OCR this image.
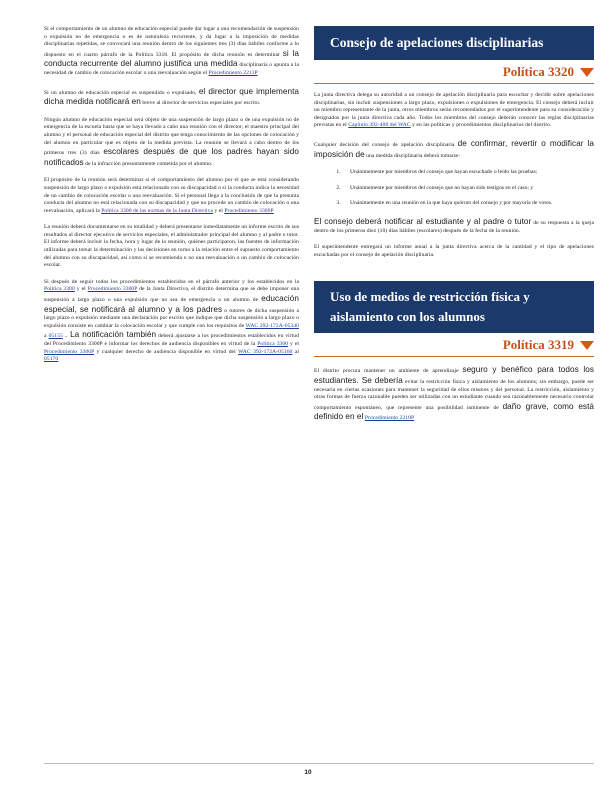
Si el comportamiento de un alumno de educación especial puede dar lugar a una recomendación de suspensión o expulsión no de emergencia o es de naturaleza recurrente, y da lugar a la imposición de medidas disciplinarias repetidas, se convocará una reunión dentro de los siguientes tres (3) días hábiles conforme a lo dispuesto en el cuarto párrafo de la Política 3318. El propósito de dicha reunión es determinar si la conducta recurrente del alumno justifica una medida disciplinaria o apunta a la necesidad de cambio de colocación escolar o una reevaluación según el Procedimiento 2211P

Si un alumno de educación especial es suspendido o expulsado, el director que implementa dicha medida notificará en breve al director de servicios especiales por escrito.

Ningún alumno de educación especial será objeto de una suspensión de largo plazo o de una expulsión no de emergencia de la escuela hasta que se haya llevado a cabo una reunión con el director, el maestro principal del alumno y el personal de educación especial del distrito que tenga conocimiento de las opciones de colocación y del alumno en particular que es objeto de la medida prevista. La reunión se llevará a cabo dentro de los primeros tres (3) días escolares después de que los padres hayan sido notificados de la infracción presuntamente cometida por el alumno.

El propósito de la reunión será determinar si el comportamiento del alumno por el que se está considerando suspensión de largo plazo o expulsión está relacionado con su discapacidad o si la conducta indica la necesidad de un cambio de colocación escolar o una reevaluación. Si el personal llega a la conclusión de que la presunta conducta del alumno no está relacionada con su discapacidad y que no procede un cambio de colocación o una reevaluación, aplicará la Política 3300 de las normas de la Junta Directiva y el Procedimiento 3300P

La reunión deberá documentarse en su totalidad y deberá presentarse inmediatamente un informe escrito de sus resultados al director ejecutivo de servicios especiales, el administrador principal del alumno y al padre o tutor. El informe deberá incluir la fecha, hora y lugar de la reunión, quiénes participaron, las fuentes de información utilizadas para tomar la determinación y las decisiones en torno a la relación entre el supuesto comportamiento del alumno con su discapacidad, así como si se recomienda o no una reevaluación o un cambio de colocación escolar.

Si después de seguir todos los procedimientos establecidos en el párrafo anterior y los establecidos en la Política 3300 y el Procedimiento 3300P de la Junta Directiva, el distrito determina que se debe imponer una suspensión a largo plazo o una expulsión que no sea de emergencia a un alumno de educación especial, se notificará al alumno y a los padres o tutores de dicha suspensión a largo plazo o expulsión mediante una declaración por escrito que indique que dicha suspensión a largo plazo o expulsión consiste en cambiar la colocación escolar y que cumple con los requisitos de WAC 392-172A-05340 a 05155 . La notificación también deberá ajustarse a los procedimientos establecidos en virtud del Procedimiento 3300P e informar los derechos de audiencia disponibles en virtud de la Política 3300 y el Procedimiento 3300P y cualquier derecho de audiencia disponible en virtud del WAC 392-172A-05160 al 05170

Consejo de apelaciones disciplinarias
Política 3320

La junta directiva delega su autoridad a un consejo de apelación disciplinaria para escuchar y decidir sobre apelaciones disciplinarias, sin incluir suspensiones a largo plazo, expulsiones o expulsiones de emergencia. El consejo deberá incluir un miembro representante de la junta, otros miembros serán recomendados por el superintendente para su consideración y designados por la junta directiva cada año. Todos los miembros del consejo deberán conocer las reglas disciplinarias previstas en el Capítulo 392-400 del WAC y en las políticas y procedimientos disciplinarios del distrito.

Cualquier decisión del consejo de apelación disciplinaria de confirmar, revertir o modificar la imposición de una medida disciplinaria deberá tomarse:

1. Unánimemente por miembros del consejo que hayan escuchado o leído las pruebas;
2. Unánimemente por miembros del consejo que no hayan sido testigos en el caso; y
3. Unánimemente en una reunión en la que haya quórum del consejo y por mayoría de votos.

El consejo deberá notificar al estudiante y al padre o tutor de su respuesta a la queja dentro de los primeros diez (10) días hábiles (escolares) después de la fecha de la reunión.

El superintendente entregará un informe anual a la junta directiva acerca de la cantidad y el tipo de apelaciones escuchadas por el consejo de apelación disciplinaria.

Uso de medios de restricción física y aislamiento con los alumnos
Política 3319

El distrito procura mantener un ambiente de aprendizaje seguro y benéfico para todos los estudiantes. Se debería evitar la restricción física y aislamiento de los alumnos; sin embargo, puede ser necesaria en ciertas ocasiones para mantener la seguridad de ellos mismos y del personal. La restricción, aislamiento y otras formas de fuerza razonable pueden ser utilizadas con un estudiante cuando sea razonablemente necesario controlar comportamiento espontáneo, que represente una posibilidad inminente de daño grave, como está definido en el Procedimiento 2210P

10
